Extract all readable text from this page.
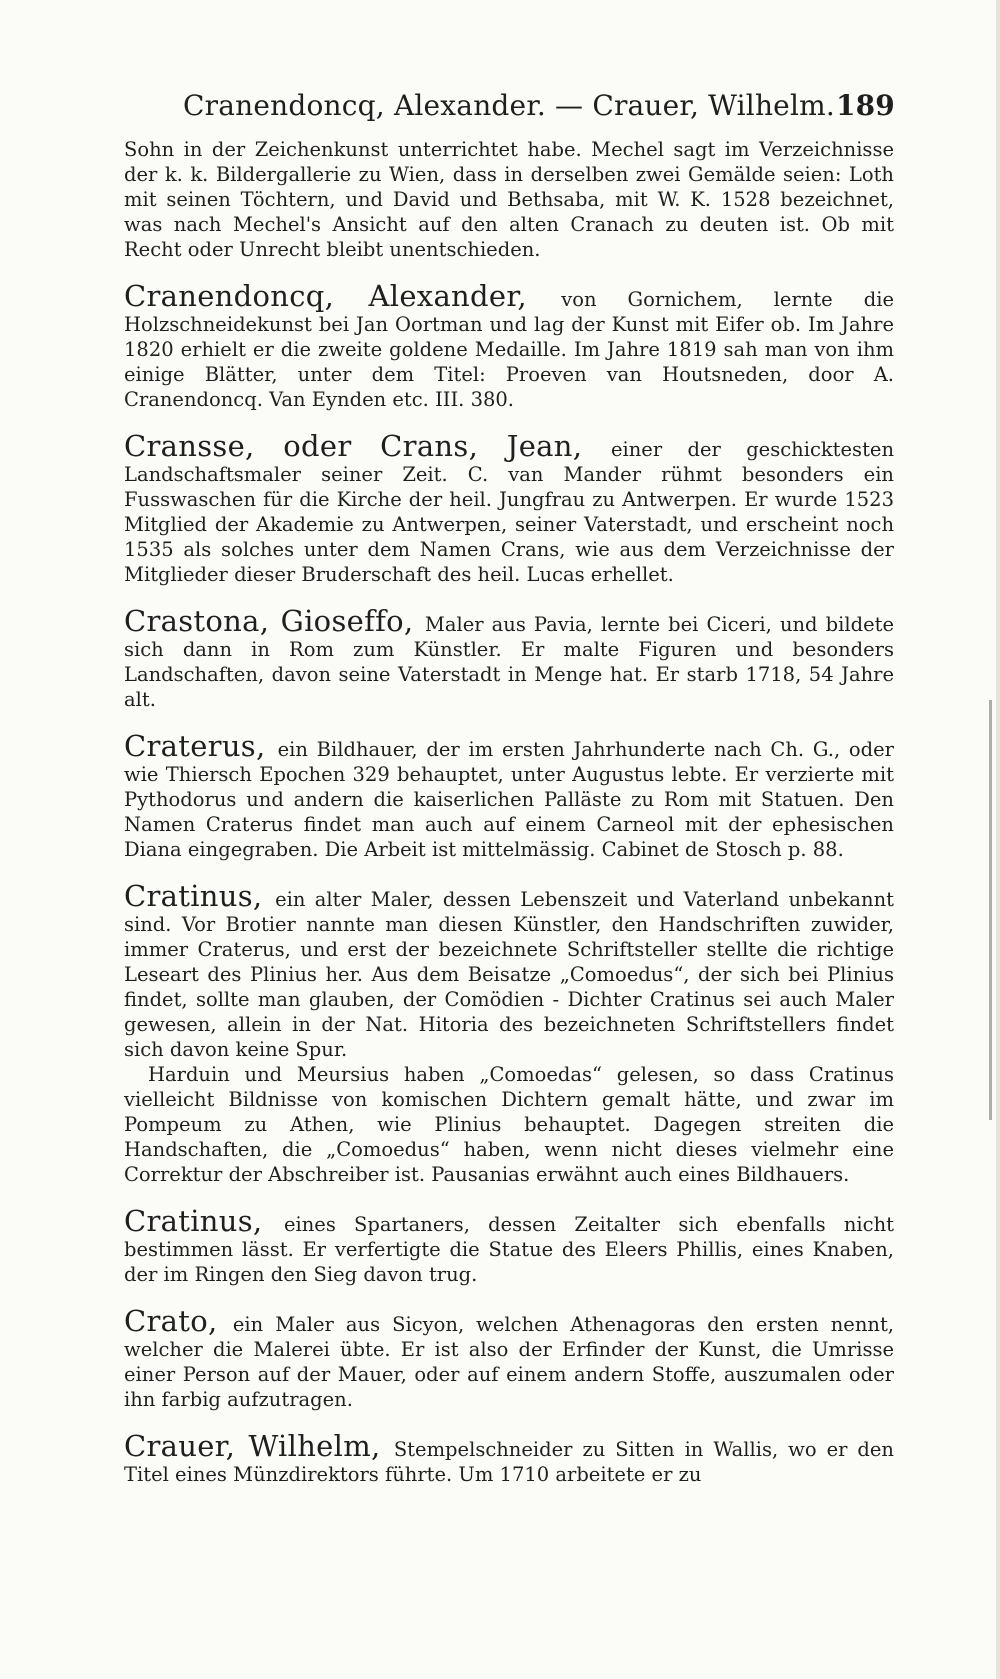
Cranendoncq, Alexander. — Crauer, Wilhelm. 189

Sohn in der Zeichenkunst unterrichtet habe. Mechel sagt im Verzeichnisse der k. k. Bildergallerie zu Wien, dass in derselben zwei Gemälde seien: Loth mit seinen Töchtern, und David und Bethsaba, mit W. K. 1528 bezeichnet, was nach Mechel's Ansicht auf den alten Cranach zu deuten ist. Ob mit Recht oder Unrecht bleibt unentschieden.

Cranendoncq, Alexander, von Gornichem, lernte die Holzschneidekunst bei Jan Oortman und lag der Kunst mit Eifer ob. Im Jahre 1820 erhielt er die zweite goldene Medaille. Im Jahre 1819 sah man von ihm einige Blätter, unter dem Titel: Proeven van Houtsneden, door A. Cranendoncq. Van Eynden etc. III. 380.

Cransse, oder Crans, Jean, einer der geschicktesten Landschaftsmaler seiner Zeit. C. van Mander rühmt besonders ein Fusswaschen für die Kirche der heil. Jungfrau zu Antwerpen. Er wurde 1523 Mitglied der Akademie zu Antwerpen, seiner Vaterstadt, und erscheint noch 1535 als solches unter dem Namen Crans, wie aus dem Verzeichnisse der Mitglieder dieser Bruderschaft des heil. Lucas erhellet.

Crastona, Gioseffo, Maler aus Pavia, lernte bei Ciceri, und bildete sich dann in Rom zum Künstler. Er malte Figuren und besonders Landschaften, davon seine Vaterstadt in Menge hat. Er starb 1718, 54 Jahre alt.

Craterus, ein Bildhauer, der im ersten Jahrhunderte nach Ch. G., oder wie Thiersch Epochen 329 behauptet, unter Augustus lebte. Er verzierte mit Pythodorus und andern die kaiserlichen Palläste zu Rom mit Statuen. Den Namen Craterus findet man auch auf einem Carneol mit der ephesischen Diana eingegraben. Die Arbeit ist mittelmässig. Cabinet de Stosch p. 88.

Cratinus, ein alter Maler, dessen Lebenszeit und Vaterland unbekannt sind. Vor Brotier nannte man diesen Künstler, den Handschriften zuwider, immer Craterus, und erst der bezeichnete Schriftsteller stellte die richtige Leseart des Plinius her. Aus dem Beisatze „Comoedus“, der sich bei Plinius findet, sollte man glauben, der Comödien - Dichter Cratinus sei auch Maler gewesen, allein in der Nat. Hitoria des bezeichneten Schriftstellers findet sich davon keine Spur.

Harduin und Meursius haben „Comoedas“ gelesen, so dass Cratinus vielleicht Bildnisse von komischen Dichtern gemalt hätte, und zwar im Pompeum zu Athen, wie Plinius behauptet. Dagegen streiten die Handschaften, die „Comoedus“ haben, wenn nicht dieses vielmehr eine Correktur der Abschreiber ist. Pausanias erwähnt auch eines Bildhauers.

Cratinus, eines Spartaners, dessen Zeitalter sich ebenfalls nicht bestimmen lässt. Er verfertigte die Statue des Eleers Phillis, eines Knaben, der im Ringen den Sieg davon trug.

Crato, ein Maler aus Sicyon, welchen Athenagoras den ersten nennt, welcher die Malerei übte. Er ist also der Erfinder der Kunst, die Umrisse einer Person auf der Mauer, oder auf einem andern Stoffe, auszumalen oder ihn farbig aufzutragen.

Crauer, Wilhelm, Stempelschneider zu Sitten in Wallis, wo er den Titel eines Münzdirektors führte. Um 1710 arbeitete er zu
